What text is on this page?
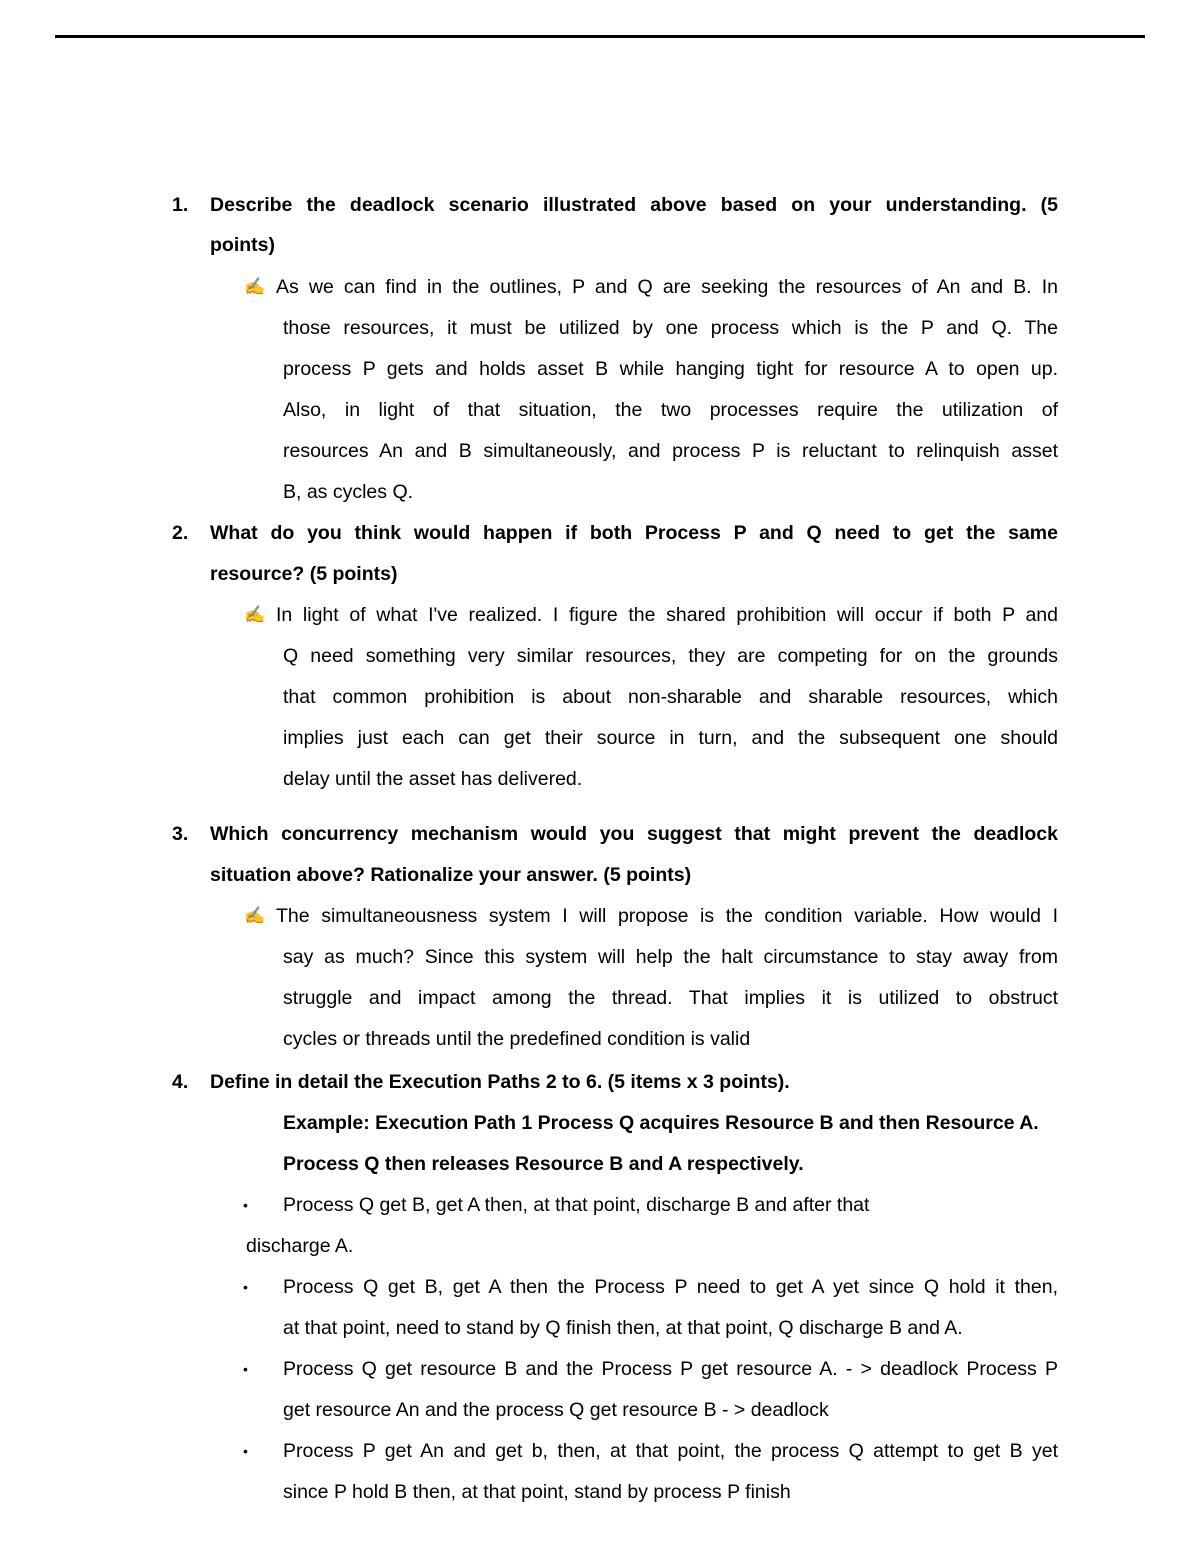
1. Describe the deadlock scenario illustrated above based on your understanding. (5
points)
✍ As we can find in the outlines, P and Q are seeking the resources of An and B. In
those resources, it must be utilized by one process which is the P and Q. The
process P gets and holds asset B while hanging tight for resource A to open up.
Also, in light of that situation, the two processes require the utilization of
resources An and B simultaneously, and process P is reluctant to relinquish asset
B, as cycles Q.
2. What do you think would happen if both Process P and Q need to get the same
resource? (5 points)
✍ In light of what I've realized. I figure the shared prohibition will occur if both P and
Q need something very similar resources, they are competing for on the grounds
that common prohibition is about non-sharable and sharable resources, which
implies just each can get their source in turn, and the subsequent one should
delay until the asset has delivered.
3. Which concurrency mechanism would you suggest that might prevent the deadlock
situation above? Rationalize your answer. (5 points)
✍ The simultaneousness system I will propose is the condition variable. How would I
say as much? Since this system will help the halt circumstance to stay away from
struggle and impact among the thread. That implies it is utilized to obstruct
cycles or threads until the predefined condition is valid
4. Define in detail the Execution Paths 2 to 6. (5 items x 3 points).
Example: Execution Path 1 Process Q acquires Resource B and then Resource A.
Process Q then releases Resource B and A respectively.
• Process Q get B, get A then, at that point, discharge B and after that
discharge A.
• Process Q get B, get A then the Process P need to get A yet since Q hold it then,
at that point, need to stand by Q finish then, at that point, Q discharge B and A.
• Process Q get resource B and the Process P get resource A. - > deadlock Process P
get resource An and the process Q get resource B - > deadlock
• Process P get An and get b, then, at that point, the process Q attempt to get B yet
since P hold B then, at that point, stand by process P finish
